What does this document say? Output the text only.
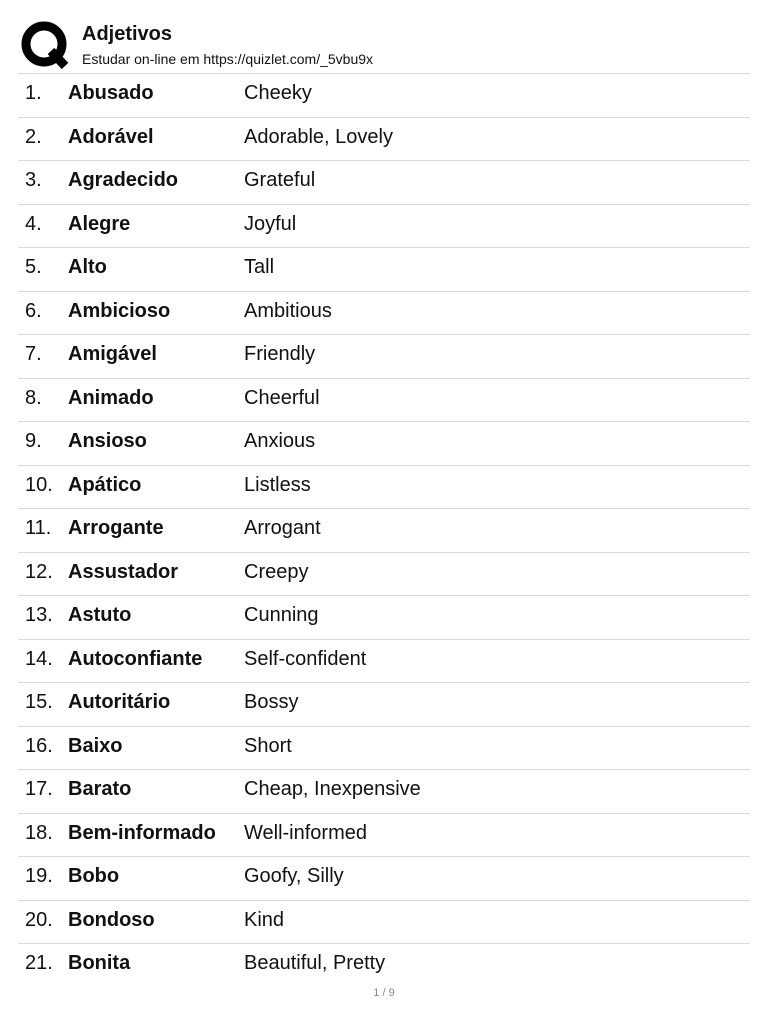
Adjetivos
Estudar on-line em https://quizlet.com/_5vbu9x
1. Abusado	Cheeky
2. Adorável	Adorable, Lovely
3. Agradecido	Grateful
4. Alegre	Joyful
5. Alto	Tall
6. Ambicioso	Ambitious
7. Amigável	Friendly
8. Animado	Cheerful
9. Ansioso	Anxious
10. Apático	Listless
11. Arrogante	Arrogant
12. Assustador	Creepy
13. Astuto	Cunning
14. Autoconfiante Self-confident
15. Autoritário	Bossy
16. Baixo	Short
17. Barato	Cheap, Inexpensive
18. Bem-informado Well-informed
19. Bobo	Goofy, Silly
20. Bondoso	Kind
21. Bonita	Beautiful, Pretty
1 / 9
